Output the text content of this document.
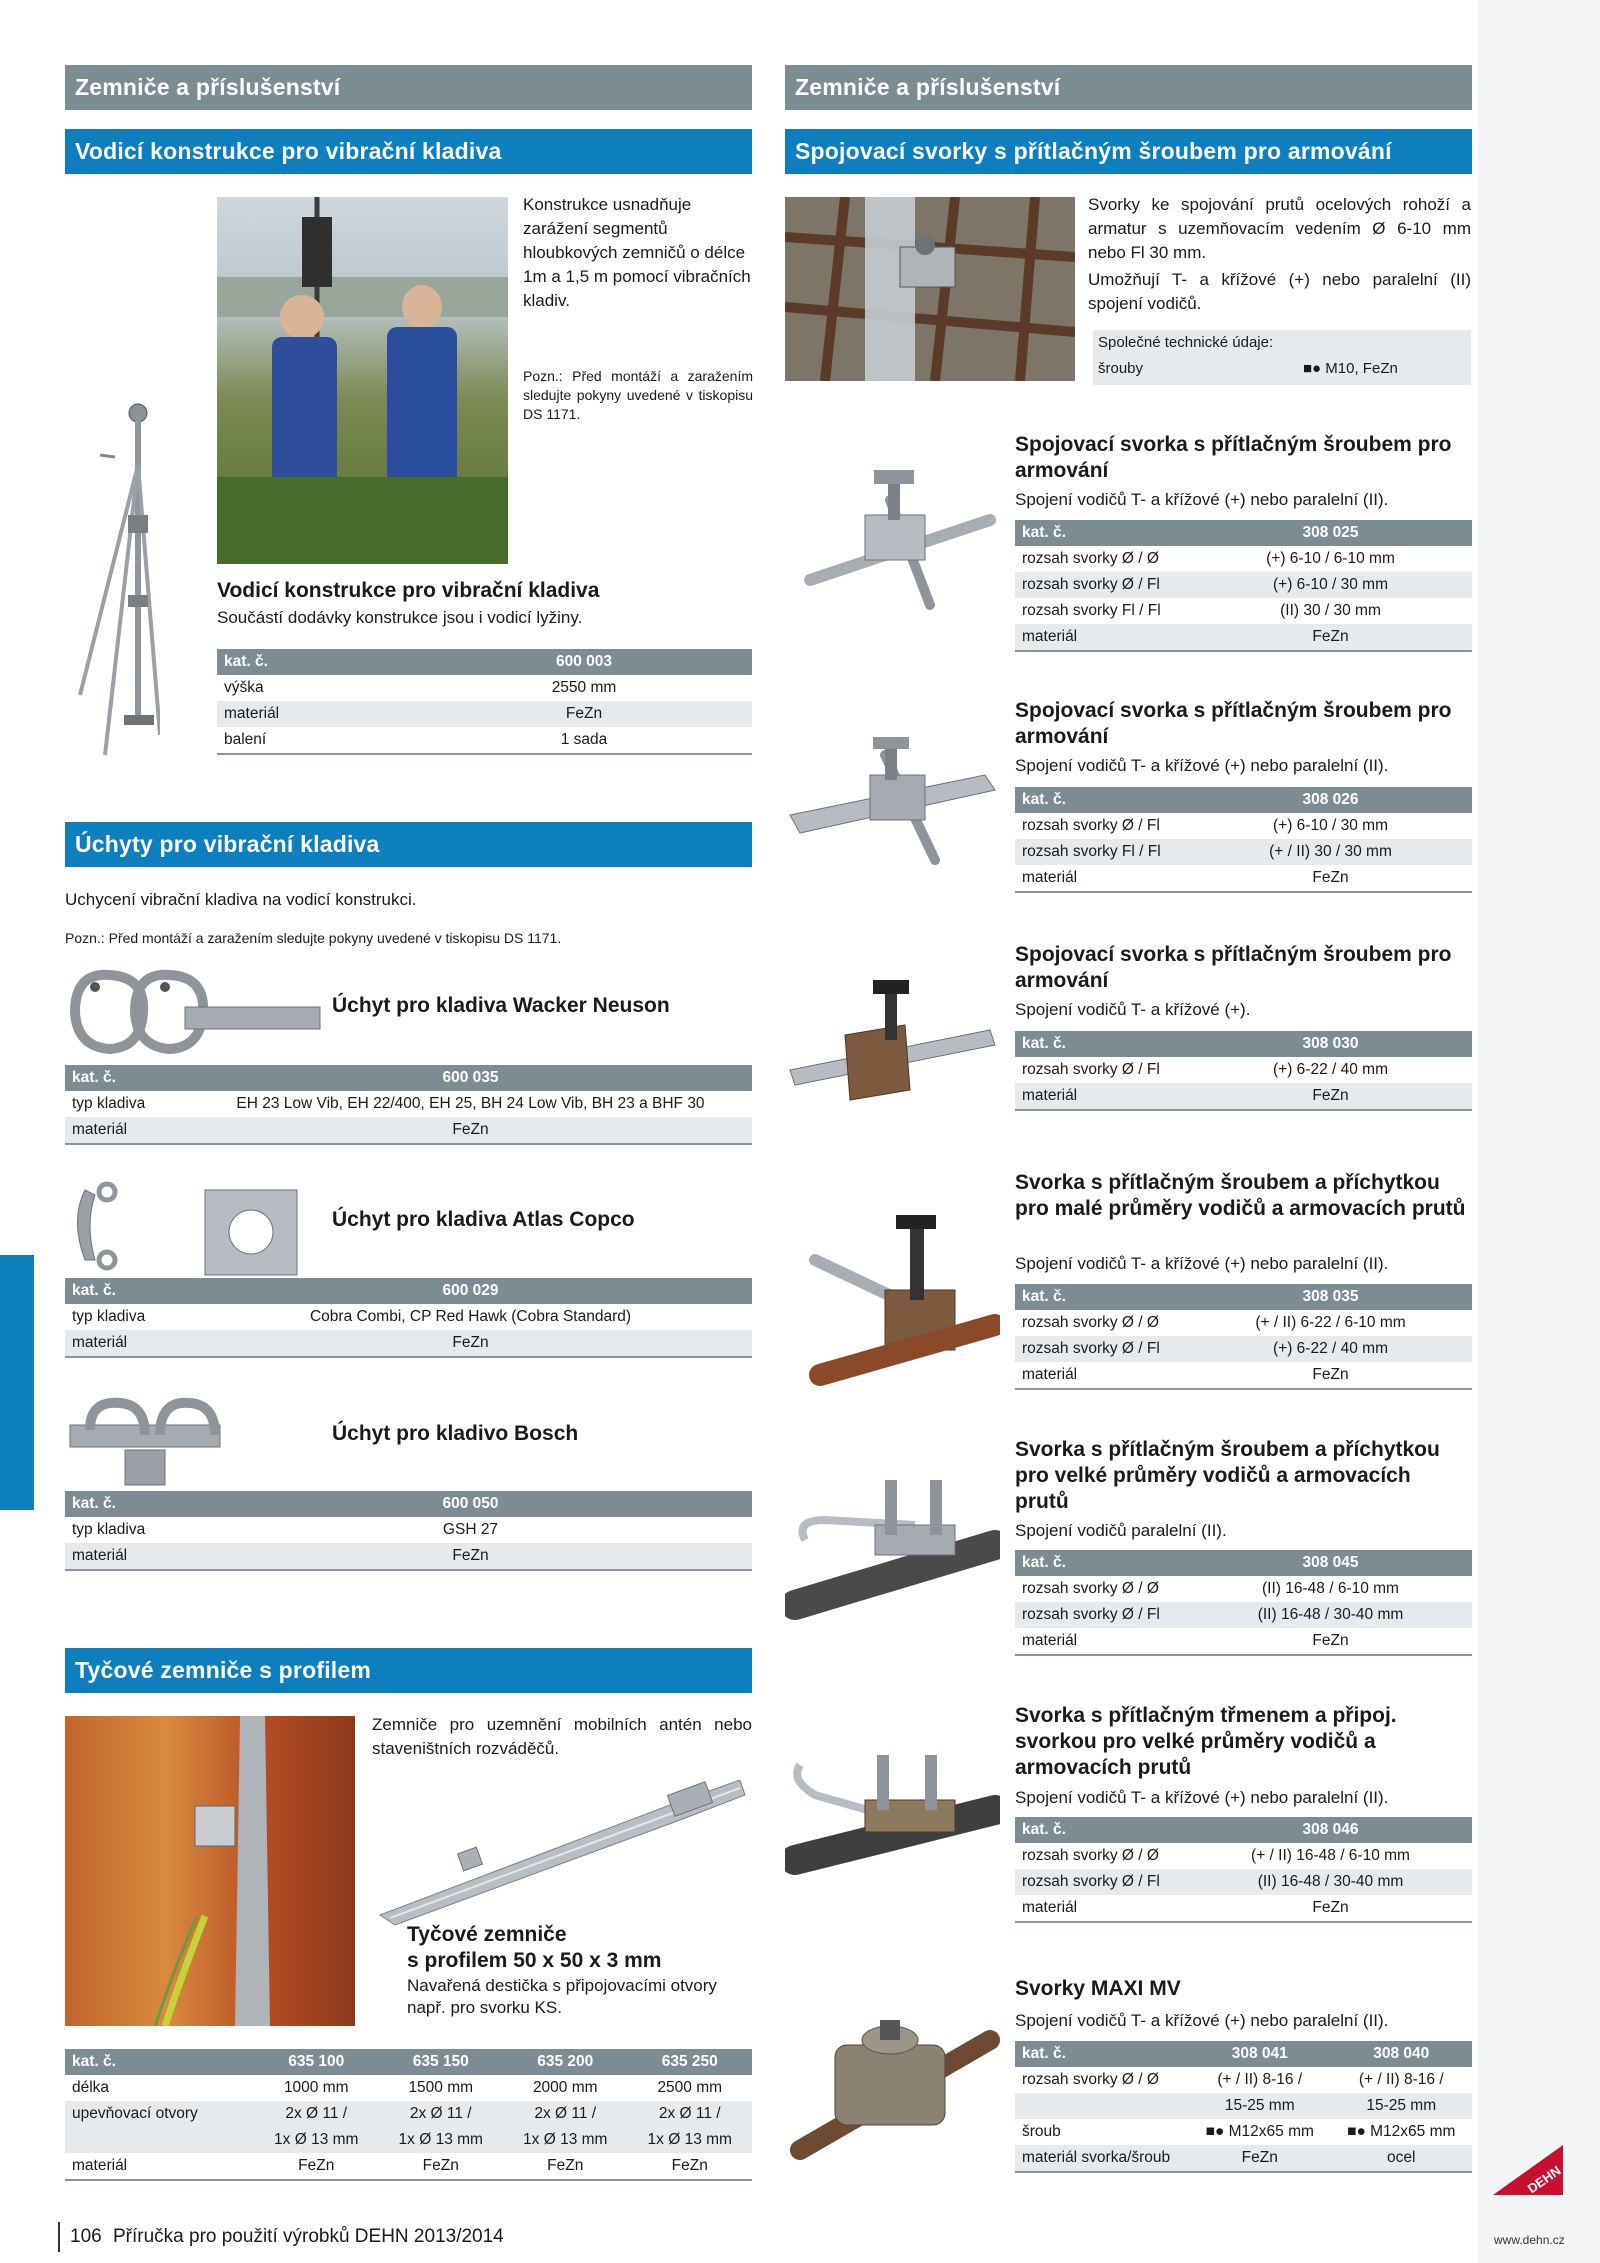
Zemniče a příslušenství
Vodicí konstrukce pro vibrační kladiva
Konstrukce usnadňuje zarážení segmentů hloubkových zemničů o délce 1m a 1,5 m pomocí vibračních kladiv.
Pozn.: Před montáží a zaražením sledujte pokyny uvedené v tiskopisu DS 1171.
Vodicí konstrukce pro vibrační kladiva
Součástí dodávky konstrukce jsou i vodicí lyžiny.
kat. č.	600 003
výška	2550 mm
materiál	FeZn
balení	1 sada
Úchyty pro vibrační kladiva
Uchycení vibrační kladiva na vodicí konstrukci.
Pozn.: Před montáží a zaražením sledujte pokyny uvedené v tiskopisu DS 1171.
Úchyt pro kladiva Wacker Neuson
kat. č.	600 035
typ kladiva	EH 23 Low Vib, EH 22/400, EH 25, BH 24 Low Vib, BH 23 a BHF 30
materiál	FeZn
Úchyt pro kladiva Atlas Copco
kat. č.	600 029
typ kladiva	Cobra Combi, CP Red Hawk (Cobra Standard)
materiál	FeZn
Úchyt pro kladivo Bosch
kat. č.	600 050
typ kladiva	GSH 27
materiál	FeZn
Tyčové zemniče s profilem
Zemniče pro uzemnění mobilních antén nebo staveništních rozváděčů.
Tyčové zemniče
s profilem 50 x 50 x 3 mm
Navařená destička s připojovacími otvory např. pro svorku KS.
kat. č.	635 100	635 150	635 200	635 250
délka	1000 mm	1500 mm	2000 mm	2500 mm
upevňovací otvory	2x Ø 11 /	2x Ø 11 /	2x Ø 11 /	2x Ø 11 /
	1x Ø 13 mm	1x Ø 13 mm	1x Ø 13 mm	1x Ø 13 mm
materiál	FeZn	FeZn	FeZn	FeZn
106 Příručka pro použití výrobků DEHN 2013/2014
Zemniče a příslušenství
Spojovací svorky s přítlačným šroubem pro armování
Svorky ke spojování prutů ocelových rohoží a armatur s uzemňovacím vedením Ø 6-10 mm nebo Fl 30 mm.
Umožňují T- a křížové (+) nebo paralelní (II) spojení vodičů.
Společné technické údaje:
šrouby	■● M10, FeZn
Spojovací svorka s přítlačným šroubem pro armování
Spojení vodičů T- a křížové (+) nebo paralelní (II).
kat. č.	308 025
rozsah svorky Ø / Ø	(+) 6-10 / 6-10 mm
rozsah svorky Ø / Fl	(+) 6-10 / 30 mm
rozsah svorky Fl / Fl	(II) 30 / 30 mm
materiál	FeZn
Spojovací svorka s přítlačným šroubem pro armování
Spojení vodičů T- a křížové (+) nebo paralelní (II).
kat. č.	308 026
rozsah svorky Ø / Fl	(+) 6-10 / 30 mm
rozsah svorky Fl / Fl	(+ / II) 30 / 30 mm
materiál	FeZn
Spojovací svorka s přítlačným šroubem pro armování
Spojení vodičů T- a křížové (+).
kat. č.	308 030
rozsah svorky Ø / Fl	(+) 6-22 / 40 mm
materiál	FeZn
Svorka s přítlačným šroubem a příchytkou pro malé průměry vodičů a armovacích prutů
Spojení vodičů T- a křížové (+) nebo paralelní (II).
kat. č.	308 035
rozsah svorky Ø / Ø	(+ / II) 6-22 / 6-10 mm
rozsah svorky Ø / Fl	(+) 6-22 / 40 mm
materiál	FeZn
Svorka s přítlačným šroubem a příchytkou pro velké průměry vodičů a armovacích prutů
Spojení vodičů paralelní (II).
kat. č.	308 045
rozsah svorky Ø / Ø	(II) 16-48 / 6-10 mm
rozsah svorky Ø / Fl	(II) 16-48 / 30-40 mm
materiál	FeZn
Svorka s přítlačným třmenem a připoj. svorkou pro velké průměry vodičů a armovacích prutů
Spojení vodičů T- a křížové (+) nebo paralelní (II).
kat. č.	308 046
rozsah svorky Ø / Ø	(+ / II) 16-48 / 6-10 mm
rozsah svorky Ø / Fl	(II) 16-48 / 30-40 mm
materiál	FeZn
Svorky MAXI MV
Spojení vodičů T- a křížové (+) nebo paralelní (II).
kat. č.	308 041	308 040
rozsah svorky Ø / Ø	(+ / II) 8-16 /	(+ / II) 8-16 /
	15-25 mm	15-25 mm
šroub	■● M12x65 mm	■● M12x65 mm
materiál svorka/šroub	FeZn	ocel
DEHN
www.dehn.cz
